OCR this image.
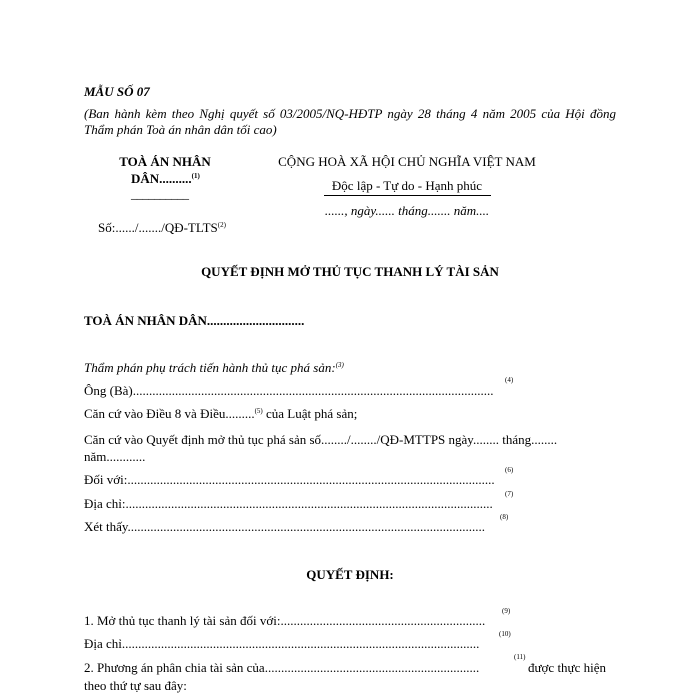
MẪU SỐ 07
(Ban hành kèm theo Nghị quyết số 03/2005/NQ-HĐTP ngày 28 tháng 4 năm 2005 của Hội đồng Thẩm phán Toà án nhân dân tối cao)
TOÀ ÁN NHÂN
DÂN..........$^{(1)}$
__________
Số:....../......./QĐ-TLTS$^{(2)}$
CỘNG HOÀ XÃ HỘI CHỦ NGHĨA VIỆT NAM
Độc lập - Tự do - Hạnh phúc
......, ngày...... tháng....... năm....
QUYẾT ĐỊNH MỞ THỦ TỤC THANH LÝ TÀI SẢN
TOÀ ÁN NHÂN DÂN..............................
Thẩm phán phụ trách tiến hành thủ tục phá sản:$^{(3)}$
Ông (Bà)...............................................................................................................
(4)
Căn cứ vào Điều 8 và Điều.........$^{(5)}$ của Luật phá sản;
Căn cứ vào Quyết định mở thủ tục phá sản số......../......../QĐ-MTTPS ngày........ tháng........
năm............
Đối với:.................................................................................................................
(6)
Địa chỉ:.................................................................................................................
(7)
Xét thấy..............................................................................................................
(8)
QUYẾT ĐỊNH:
1. Mở thủ tục thanh lý tài sản đối với:...............................................................
(9)
Địa chỉ..............................................................................................................
(10)
2. Phương án phân chia tài sản của..................................................................
(11)
được thực hiện
theo thứ tự sau đây:
